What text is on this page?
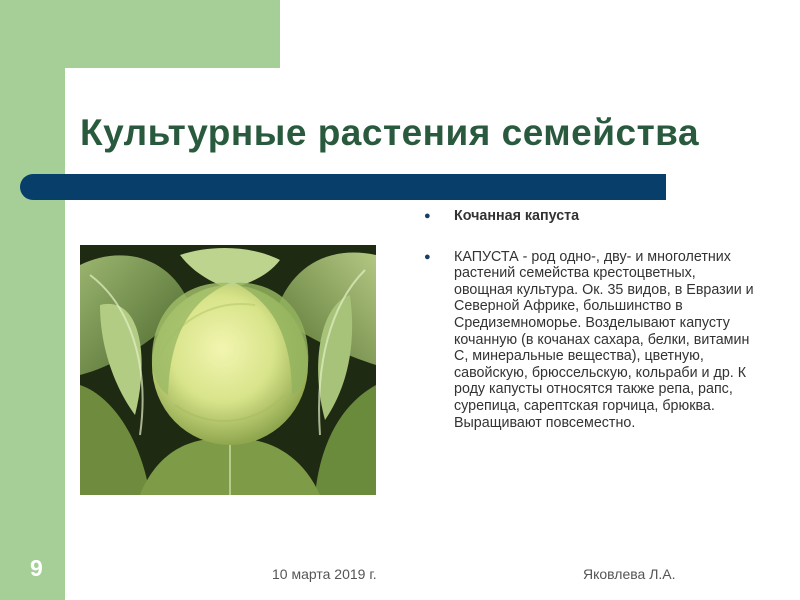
Культурные растения семейства
● Кочанная капуста
● КАПУСТА - род одно-, дву- и многолетних растений семейства крестоцветных, овощная культура. Ок. 35 видов, в Евразии и Северной Африке, большинство в Средиземноморье. Возделывают капусту кочанную (в кочанах сахара, белки, витамин С, минеральные вещества), цветную, савойскую, брюссельскую, кольраби и др. К роду капусты относятся также репа, рапс, сурепица, сарептская горчица, брюква. Выращивают повсеместно.
9	10 марта 2019 г.	Яковлева Л.А.
